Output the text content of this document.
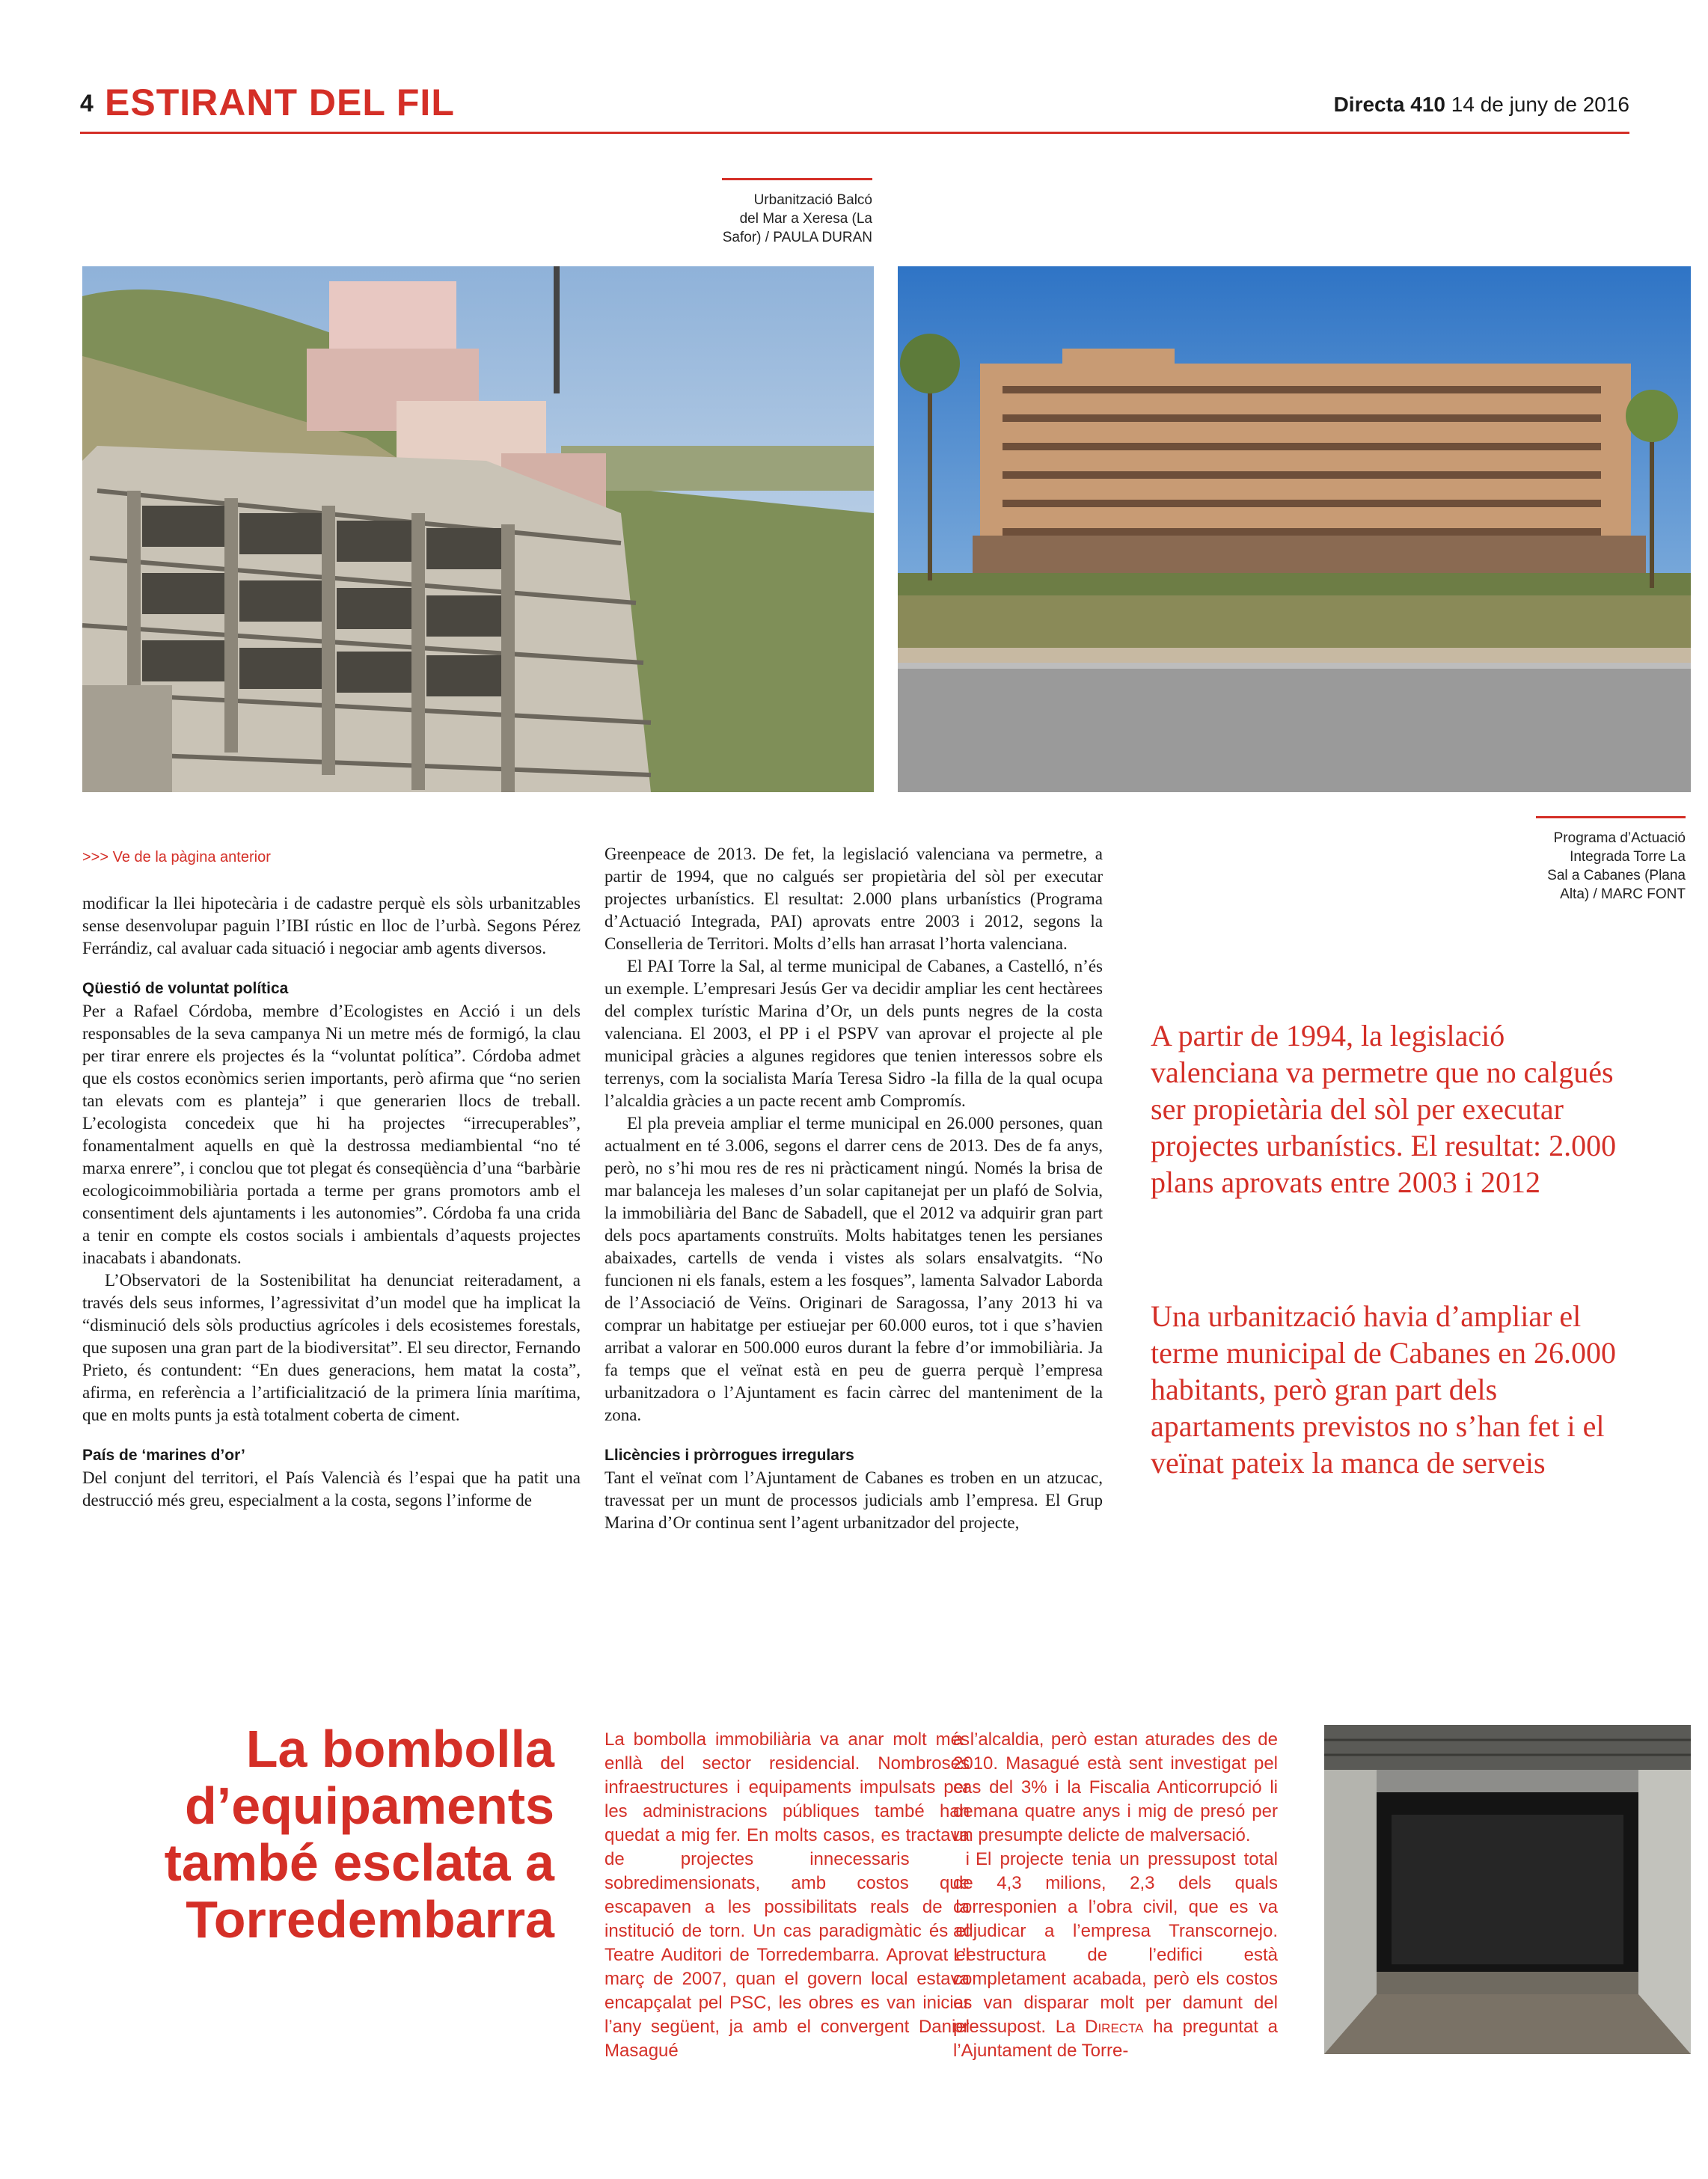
4 ESTIRANT DEL FIL	Directa 410 14 de juny de 2016
Urbanització Balcó
del Mar a Xeresa (La
Safor) / PAULA DURAN
Programa d’Actuació
Integrada Torre La
Sal a Cabanes (Plana
Alta) / MARC FONT
>>> Ve de la pàgina anterior

modificar la llei hipotecària i de cadastre perquè els sòls urbanitzables sense desenvolupar paguin l’IBI rústic en lloc de l’urbà. Segons Pérez Ferrándiz, cal avaluar cada situació i negociar amb agents diversos.

Qüestió de voluntat política

Per a Rafael Córdoba, membre d’Ecologistes en Acció i un dels responsables de la seva campanya Ni un metre més de formigó, la clau per tirar enrere els projectes és la “voluntat política”. Córdoba admet que els costos econòmics serien importants, però afirma que “no serien tan elevats com es planteja” i que generarien llocs de treball. L’ecologista concedeix que hi ha projectes “irrecuperables”, fonamentalment aquells en què la destrossa mediambiental “no té marxa enrere”, i conclou que tot plegat és conseqüència d’una “barbàrie ecologicoimmobiliària portada a terme per grans promotors amb el consentiment dels ajuntaments i les autonomies”. Córdoba fa una crida a tenir en compte els costos socials i ambientals d’aquests projectes inacabats i abandonats.

L’Observatori de la Sostenibilitat ha denunciat reiteradament, a través dels seus informes, l’agressivitat d’un model que ha implicat la “disminució dels sòls productius agrícoles i dels ecosistemes forestals, que suposen una gran part de la biodiversitat”. El seu director, Fernando Prieto, és contundent: “En dues generacions, hem matat la costa”, afirma, en referència a l’artificialització de la primera línia marítima, que en molts punts ja està totalment coberta de ciment.

País de ‘marines d’or’

Del conjunt del territori, el País Valencià és l’espai que ha patit una destrucció més greu, especialment a la costa, segons l’informe de

Greenpeace de 2013. De fet, la legislació valenciana va permetre, a partir de 1994, que no calgués ser propietària del sòl per executar projectes urbanístics. El resultat: 2.000 plans urbanístics (Programa d’Actuació Integrada, PAI) aprovats entre 2003 i 2012, segons la Conselleria de Territori. Molts d’ells han arrasat l’horta valenciana.

El PAI Torre la Sal, al terme municipal de Cabanes, a Castelló, n’és un exemple. L’empresari Jesús Ger va decidir ampliar les cent hectàrees del complex turístic Marina d’Or, un dels punts negres de la costa valenciana. El 2003, el PP i el PSPV van aprovar el projecte al ple municipal gràcies a algunes regidores que tenien interessos sobre els terrenys, com la socialista María Teresa Sidro -la filla de la qual ocupa l’alcaldia gràcies a un pacte recent amb Compromís.

El pla preveia ampliar el terme municipal en 26.000 persones, quan actualment en té 3.006, segons el darrer cens de 2013. Des de fa anys, però, no s’hi mou res de res ni pràcticament ningú. Només la brisa de mar balanceja les maleses d’un solar capitanejat per un plafó de Solvia, la immobiliària del Banc de Sabadell, que el 2012 va adquirir gran part dels pocs apartaments construïts. Molts habitatges tenen les persianes abaixades, cartells de venda i vistes als solars ensalvatgits. “No funcionen ni els fanals, estem a les fosques”, lamenta Salvador Laborda de l’Associació de Veïns. Originari de Saragossa, l’any 2013 hi va comprar un habitatge per estiuejar per 60.000 euros, tot i que s’havien arribat a valorar en 500.000 euros durant la febre d’or immobiliària. Ja fa temps que el veïnat està en peu de guerra perquè l’empresa urbanitzadora o l’Ajuntament es facin càrrec del manteniment de la zona.

Llicències i pròrrogues irregulars

Tant el veïnat com l’Ajuntament de Cabanes es troben en un atzucac, travessat per un munt de processos judicials amb l’empresa. El Grup Marina d’Or continua sent l’agent urbanitzador del projecte,

A partir de 1994, la legislació valenciana va permetre que no calgués ser propietària del sòl per executar projectes urbanístics. El resultat: 2.000 plans aprovats entre 2003 i 2012
Una urbanització havia d’ampliar el terme municipal de Cabanes en 26.000 habitants, però gran part dels apartaments previstos no s’han fet i el veïnat pateix la manca de serveis
La bombolla d’equipaments també esclata a Torredembarra

La bombolla immobiliària va anar molt més enllà del sector residencial. Nombroses infraestructures i equipaments impulsats per les administracions públiques també han quedat a mig fer. En molts casos, es tractava de projectes innecessaris i sobredimensionats, amb costos que escapaven a les possibilitats reals de la institució de torn. Un cas paradigmàtic és el Teatre Auditori de Torredembarra. Aprovat el març de 2007, quan el govern local estava encapçalat pel PSC, les obres es van iniciar l’any següent, ja amb el convergent Daniel Masagué

a l’alcaldia, però estan aturades des de 2010. Masagué està sent investigat pel cas del 3% i la Fiscalia Anticorrupció li demana quatre anys i mig de presó per un presumpte delicte de malversació.

El projecte tenia un pressupost total de 4,3 milions, 2,3 dels quals corresponien a l’obra civil, que es va adjudicar a l’empresa Transcornejo. L’estructura de l’edifici està completament acabada, però els costos es van disparar molt per damunt del pressupost. La Directa ha preguntat a l’Ajuntament de Torre-
